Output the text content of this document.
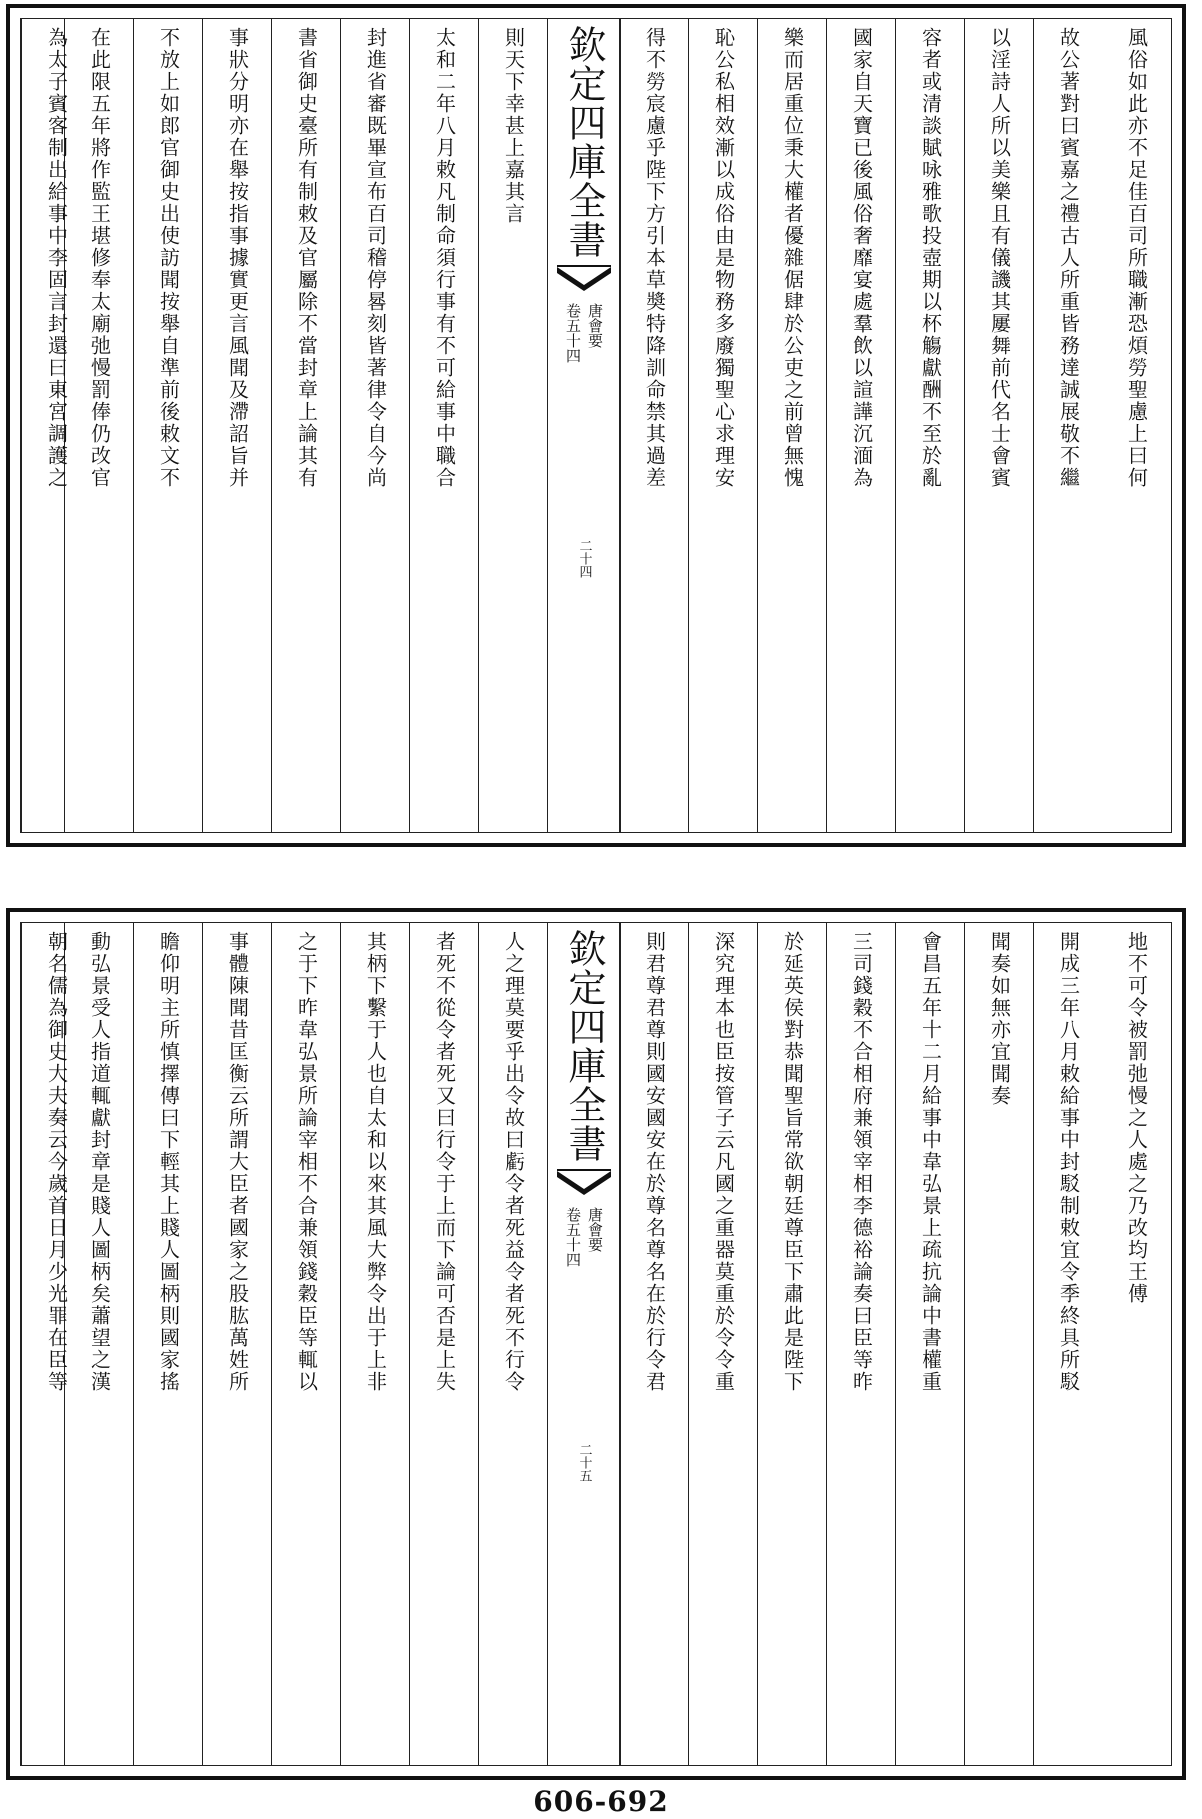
風俗如此亦不足佳百司所職漸恐煩勞聖慮上曰何
故公著對曰賓嘉之禮古人所重皆務達誠展敬不繼
以淫詩人所以美樂且有儀譏其屢舞前代名士會賓
容者或清談賦咏雅歌投壺期以杯觴獻酬不至於亂
國家自天寶已後風俗奢靡宴處羣飲以諠譁沉湎為
樂而居重位秉大權者優雜倨肆於公吏之前曾無愧
恥公私相效漸以成俗由是物務多廢獨聖心求理安
得不勞宸慮乎陛下方引本草奬特降訓命禁其過差
欽定四庫全書
唐會要
卷五十四
二十四
則天下幸甚上嘉其言
太和二年八月敕凡制命須行事有不可給事中職合
封進省審既畢宣布百司稽停晷刻皆著律令自今尚
書省御史臺所有制敕及官屬除不當封章上論其有
事狀分明亦在舉按指事據實更言風聞及滯詔旨并
不放上如郎官御史出使訪聞按舉自準前後敕文不
在此限五年將作監王堪修奉太廟弛慢罰俸仍改官
為太子賓客制出給事中李固言封還曰東宮調護之
地不可令被罰弛慢之人處之乃改均王傅
開成三年八月敕給事中封駁制敕宜令季終具所駁
聞奏如無亦宜聞奏
會昌五年十二月給事中韋弘景上疏抗論中書權重
三司錢穀不合相府兼領宰相李德裕論奏曰臣等昨
於延英侯對恭聞聖旨常欲朝廷尊臣下肅此是陛下
深究理本也臣按管子云凡國之重器莫重於令令重
則君尊君尊則國安國安在於尊名尊名在於行令君
欽定四庫全書
唐會要
卷五十四
二十五
人之理莫要乎出令故曰虧令者死益令者死不行令
者死不從令者死又曰行令于上而下論可否是上失
其柄下繫于人也自太和以來其風大弊令出于上非
之于下昨韋弘景所論宰相不合兼領錢穀臣等輒以
事體陳聞昔匡衡云所謂大臣者國家之股肱萬姓所
瞻仰明主所慎擇傳曰下輕其上賤人圖柄則國家搖
動弘景受人指道輒獻封章是賤人圖柄矣蕭望之漢
朝名儒為御史大夫奏云今歲首日月少光罪在臣等
606-692
